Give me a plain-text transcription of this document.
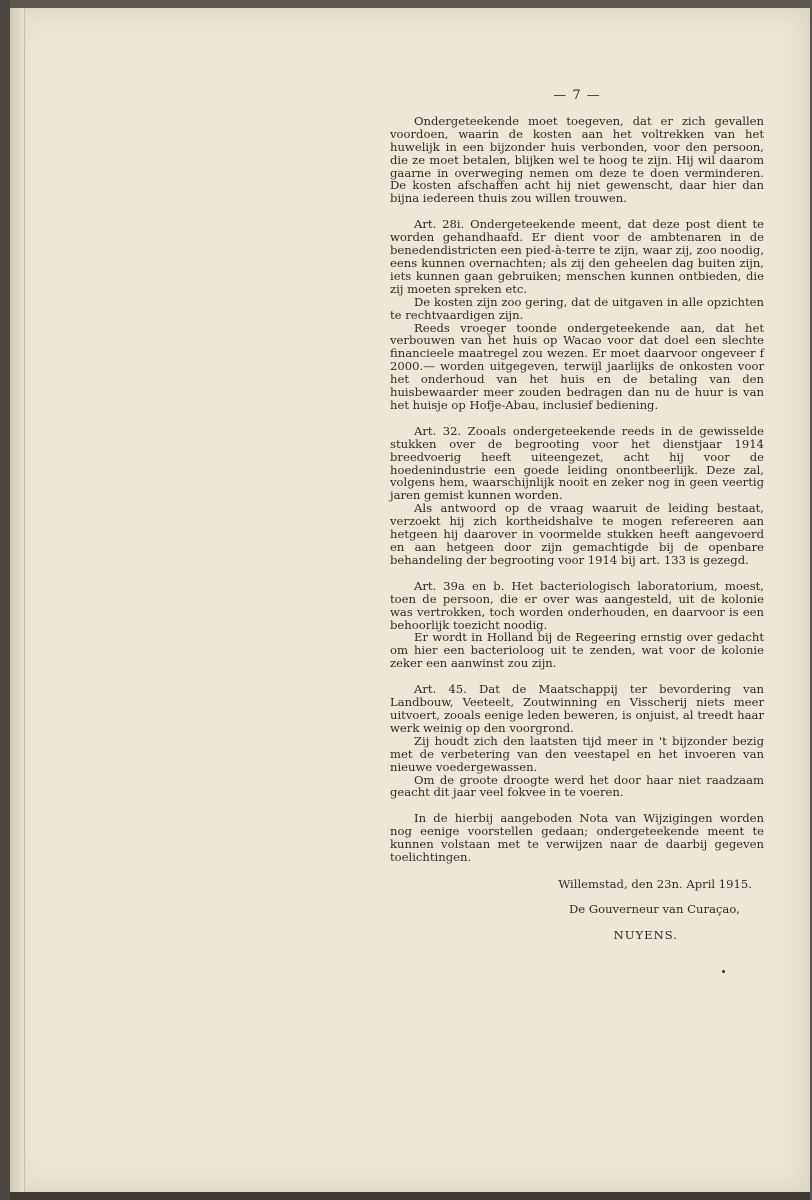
— 7 —

Ondergeteekende moet toegeven, dat er zich gevallen voordoen, waarin de kosten aan het voltrekken van het huwelijk in een bijzonder huis verbonden, voor den persoon, die ze moet betalen, blijken wel te hoog te zijn. Hij wil daarom gaarne in overweging nemen om deze te doen verminderen. De kosten afschaffen acht hij niet gewenscht, daar hier dan bijna iedereen thuis zou willen trouwen.

Art. 28i. Ondergeteekende meent, dat deze post dient te worden gehandhaafd. Er dient voor de ambtenaren in de benedendistricten een pied-à-terre te zijn, waar zij, zoo noodig, eens kunnen overnachten; als zij den geheelen dag buiten zijn, iets kunnen gaan gebruiken; menschen kunnen ontbieden, die zij moeten spreken etc.

De kosten zijn zoo gering, dat de uitgaven in alle opzichten te rechtvaardigen zijn.

Reeds vroeger toonde ondergeteekende aan, dat het verbouwen van het huis op Wacao voor dat doel een slechte financieele maatregel zou wezen. Er moet daarvoor ongeveer f 2000.— worden uitgegeven, terwijl jaarlijks de onkosten voor het onderhoud van het huis en de betaling van den huisbewaarder meer zouden bedragen dan nu de huur is van het huisje op Hofje-Abau, inclusief bediening.

Art. 32. Zooals ondergeteekende reeds in de gewisselde stukken over de begrooting voor het dienstjaar 1914 breedvoerig heeft uiteengezet, acht hij voor de hoedenindustrie een goede leiding onontbeerlijk. Deze zal, volgens hem, waarschijnlijk nooit en zeker nog in geen veertig jaren gemist kunnen worden.

Als antwoord op de vraag waaruit de leiding bestaat, verzoekt hij zich kortheidshalve te mogen refereeren aan hetgeen hij daarover in voormelde stukken heeft aangevoerd en aan hetgeen door zijn gemachtigde bij de openbare behandeling der begrooting voor 1914 bij art. 133 is gezegd.

Art. 39a en b. Het bacteriologisch laboratorium, moest, toen de persoon, die er over was aangesteld, uit de kolonie was vertrokken, toch worden onderhouden, en daarvoor is een behoorlijk toezicht noodig.

Er wordt in Holland bij de Regeering ernstig over gedacht om hier een bacterioloog uit te zenden, wat voor de kolonie zeker een aanwinst zou zijn.

Art. 45. Dat de Maatschappij ter bevordering van Landbouw, Veeteelt, Zoutwinning en Visscherij niets meer uitvoert, zooals eenige leden beweren, is onjuist, al treedt haar werk weinig op den voorgrond.

Zij houdt zich den laatsten tijd meer in 't bijzonder bezig met de verbetering van den veestapel en het invoeren van nieuwe voedergewassen.

Om de groote droogte werd het door haar niet raadzaam geacht dit jaar veel fokvee in te voeren.

In de hierbij aangeboden Nota van Wijzigingen worden nog eenige voorstellen gedaan; ondergeteekende meent te kunnen volstaan met te verwijzen naar de daarbij gegeven toelichtingen.

Willemstad, den 23n. April 1915.

De Gouverneur van Curaçao,

NUYENS.
